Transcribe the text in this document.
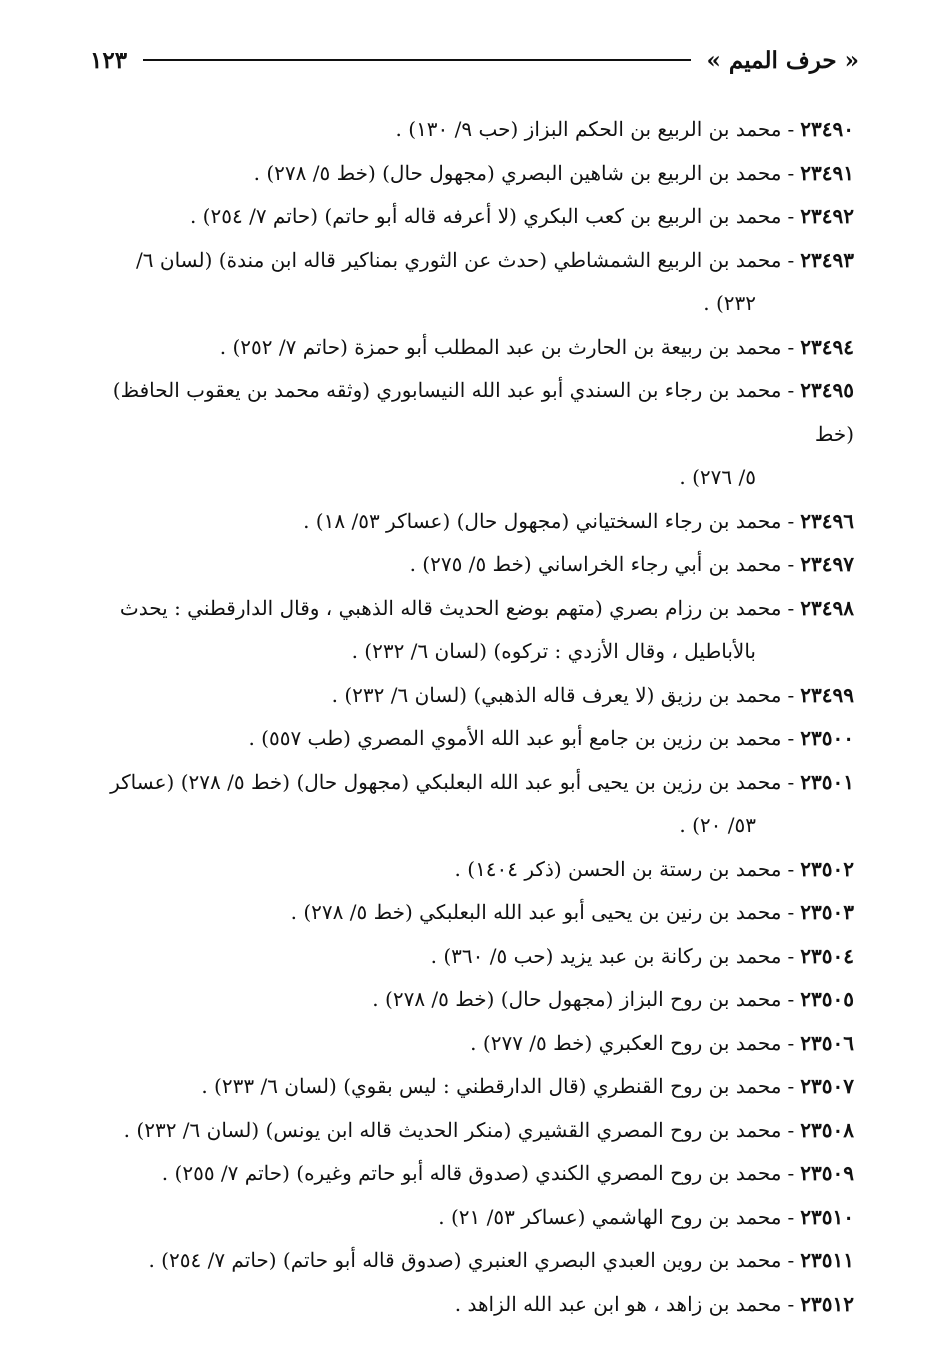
« حرف الميم »
١٢٣
٢٣٤٩٠-محمد بن الربيع بن الحكم البزاز (حب ٩/ ١٣٠) .
٢٣٤٩١-محمد بن الربيع بن شاهين البصري (مجهول حال) (خط ٥/ ٢٧٨) .
٢٣٤٩٢-محمد بن الربيع بن كعب البكري (لا أعرفه قاله أبو حاتم) (حاتم ٧/ ٢٥٤) .
٢٣٤٩٣-محمد بن الربيع الشمشاطي (حدث عن الثوري بمناكير قاله ابن مندة) (لسان ٦/
٢٣٢) .
٢٣٤٩٤-محمد بن ربيعة بن الحارث بن عبد المطلب أبو حمزة (حاتم ٧/ ٢٥٢) .
٢٣٤٩٥-محمد بن رجاء بن السندي أبو عبد الله النيسابوري (وثقه محمد بن يعقوب الحافظ) (خط
٥/ ٢٧٦) .
٢٣٤٩٦-محمد بن رجاء السختياني (مجهول حال) (عساكر ٥٣/ ١٨) .
٢٣٤٩٧-محمد بن أبي رجاء الخراساني (خط ٥/ ٢٧٥) .
٢٣٤٩٨-محمد بن رزام بصري (متهم بوضع الحديث قاله الذهبي ، وقال الدارقطني : يحدث
بالأباطيل ، وقال الأزدي : تركوه) (لسان ٦/ ٢٣٢) .
٢٣٤٩٩-محمد بن رزيق (لا يعرف قاله الذهبي) (لسان ٦/ ٢٣٢) .
٢٣٥٠٠-محمد بن رزين بن جامع أبو عبد الله الأموي المصري (طب ٥٥٧) .
٢٣٥٠١-محمد بن رزين بن يحيى أبو عبد الله البعلبكي (مجهول حال) (خط ٥/ ٢٧٨) (عساكر
٥٣/ ٢٠) .
٢٣٥٠٢-محمد بن رستة بن الحسن (ذكر ١٤٠٤) .
٢٣٥٠٣-محمد بن رنين بن يحيى أبو عبد الله البعلبكي (خط ٥/ ٢٧٨) .
٢٣٥٠٤-محمد بن ركانة بن عبد يزيد (حب ٥/ ٣٦٠) .
٢٣٥٠٥-محمد بن روح البزاز (مجهول حال) (خط ٥/ ٢٧٨) .
٢٣٥٠٦-محمد بن روح العكبري (خط ٥/ ٢٧٧) .
٢٣٥٠٧-محمد بن روح القنطري (قال الدارقطني : ليس بقوي) (لسان ٦/ ٢٣٣) .
٢٣٥٠٨-محمد بن روح المصري القشيري (منكر الحديث قاله ابن يونس) (لسان ٦/ ٢٣٢) .
٢٣٥٠٩-محمد بن روح المصري الكندي (صدوق قاله أبو حاتم وغيره) (حاتم ٧/ ٢٥٥) .
٢٣٥١٠-محمد بن روح الهاشمي (عساكر ٥٣/ ٢١) .
٢٣٥١١-محمد بن روين العبدي البصري العنبري (صدوق قاله أبو حاتم) (حاتم ٧/ ٢٥٤) .
٢٣٥١٢-محمد بن زاهد ، هو ابن عبد الله الزاهد .
